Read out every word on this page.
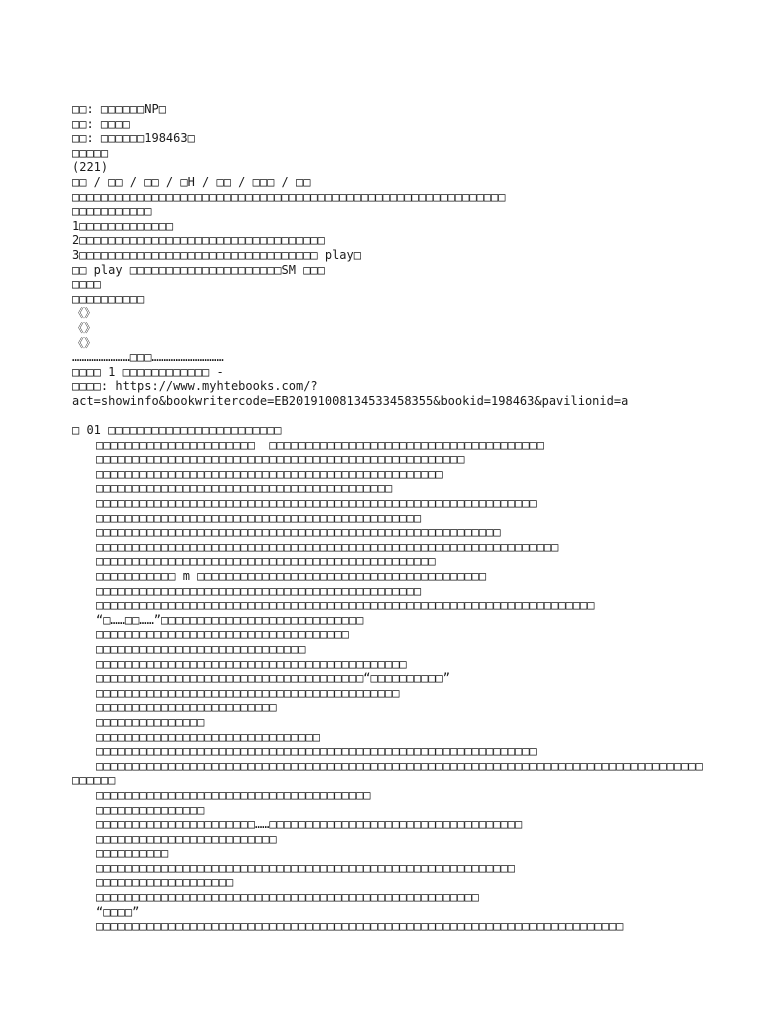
□□: □□□□□□NP□
□□: □□□□
□□: □□□□□□198463□
□□□□□
(221)
□□ / □□ / □□ / □H / □□ / □□□ / □□
□□□□□□□□□□□□□□□□□□□□□□□□□□□□□□□□□□□□□□□□□□□□□□□□□□□□□□□□□□□□
□□□□□□□□□□□
1□□□□□□□□□□□□□
2□□□□□□□□□□□□□□□□□□□□□□□□□□□□□□□□□□
3□□□□□□□□□□□□□□□□□□□□□□□□□□□□□□□□□ play□
□□ play □□□□□□□□□□□□□□□□□□□□□SM □□□
□□□□
□□□□□□□□□□
《》
《》
《》
……………………□□□…………………………
□□□□ 1 □□□□□□□□□□□□ -
□□□□: https://www.myhtebooks.com/?
act=showinfo&bookwritercode=EB20191008134533458355&bookid=198463&pavilionid=a
□ 01 □□□□□□□□□□□□□□□□□□□□□□□□
□□□□□□□□□□□□□□□□□□□□□□  □□□□□□□□□□□□□□□□□□□□□□□□□□□□□□□□□□□□□□
□□□□□□□□□□□□□□□□□□□□□□□□□□□□□□□□□□□□□□□□□□□□□□□□□□□
□□□□□□□□□□□□□□□□□□□□□□□□□□□□□□□□□□□□□□□□□□□□□□□□
□□□□□□□□□□□□□□□□□□□□□□□□□□□□□□□□□□□□□□□□□
□□□□□□□□□□□□□□□□□□□□□□□□□□□□□□□□□□□□□□□□□□□□□□□□□□□□□□□□□□□□□
□□□□□□□□□□□□□□□□□□□□□□□□□□□□□□□□□□□□□□□□□□□□□
□□□□□□□□□□□□□□□□□□□□□□□□□□□□□□□□□□□□□□□□□□□□□□□□□□□□□□□□
□□□□□□□□□□□□□□□□□□□□□□□□□□□□□□□□□□□□□□□□□□□□□□□□□□□□□□□□□□□□□□□□
□□□□□□□□□□□□□□□□□□□□□□□□□□□□□□□□□□□□□□□□□□□□□□□
□□□□□□□□□□□ m □□□□□□□□□□□□□□□□□□□□□□□□□□□□□□□□□□□□□□□□
□□□□□□□□□□□□□□□□□□□□□□□□□□□□□□□□□□□□□□□□□□□□□
□□□□□□□□□□□□□□□□□□□□□□□□□□□□□□□□□□□□□□□□□□□□□□□□□□□□□□□□□□□□□□□□□□□□□
“□……□□……”□□□□□□□□□□□□□□□□□□□□□□□□□□□□
□□□□□□□□□□□□□□□□□□□□□□□□□□□□□□□□□□□
□□□□□□□□□□□□□□□□□□□□□□□□□□□□□
□□□□□□□□□□□□□□□□□□□□□□□□□□□□□□□□□□□□□□□□□□□
□□□□□□□□□□□□□□□□□□□□□□□□□□□□□□□□□□□□□“□□□□□□□□□□”
□□□□□□□□□□□□□□□□□□□□□□□□□□□□□□□□□□□□□□□□□□
□□□□□□□□□□□□□□□□□□□□□□□□□
□□□□□□□□□□□□□□□
□□□□□□□□□□□□□□□□□□□□□□□□□□□□□□□
□□□□□□□□□□□□□□□□□□□□□□□□□□□□□□□□□□□□□□□□□□□□□□□□□□□□□□□□□□□□□
□□□□□□□□□□□□□□□□□□□□□□□□□□□□□□□□□□□□□□□□□□□□□□□□□□□□□□□□□□□□□□□□□□□□□□□□□□□□□□□□□□□□
□□□□□□
□□□□□□□□□□□□□□□□□□□□□□□□□□□□□□□□□□□□□□
□□□□□□□□□□□□□□□
□□□□□□□□□□□□□□□□□□□□□□……□□□□□□□□□□□□□□□□□□□□□□□□□□□□□□□□□□□
□□□□□□□□□□□□□□□□□□□□□□□□□
□□□□□□□□□□
□□□□□□□□□□□□□□□□□□□□□□□□□□□□□□□□□□□□□□□□□□□□□□□□□□□□□□□□□□
□□□□□□□□□□□□□□□□□□□
□□□□□□□□□□□□□□□□□□□□□□□□□□□□□□□□□□□□□□□□□□□□□□□□□□□□□
“□□□□”
□□□□□□□□□□□□□□□□□□□□□□□□□□□□□□□□□□□□□□□□□□□□□□□□□□□□□□□□□□□□□□□□□□□□□□□□□
